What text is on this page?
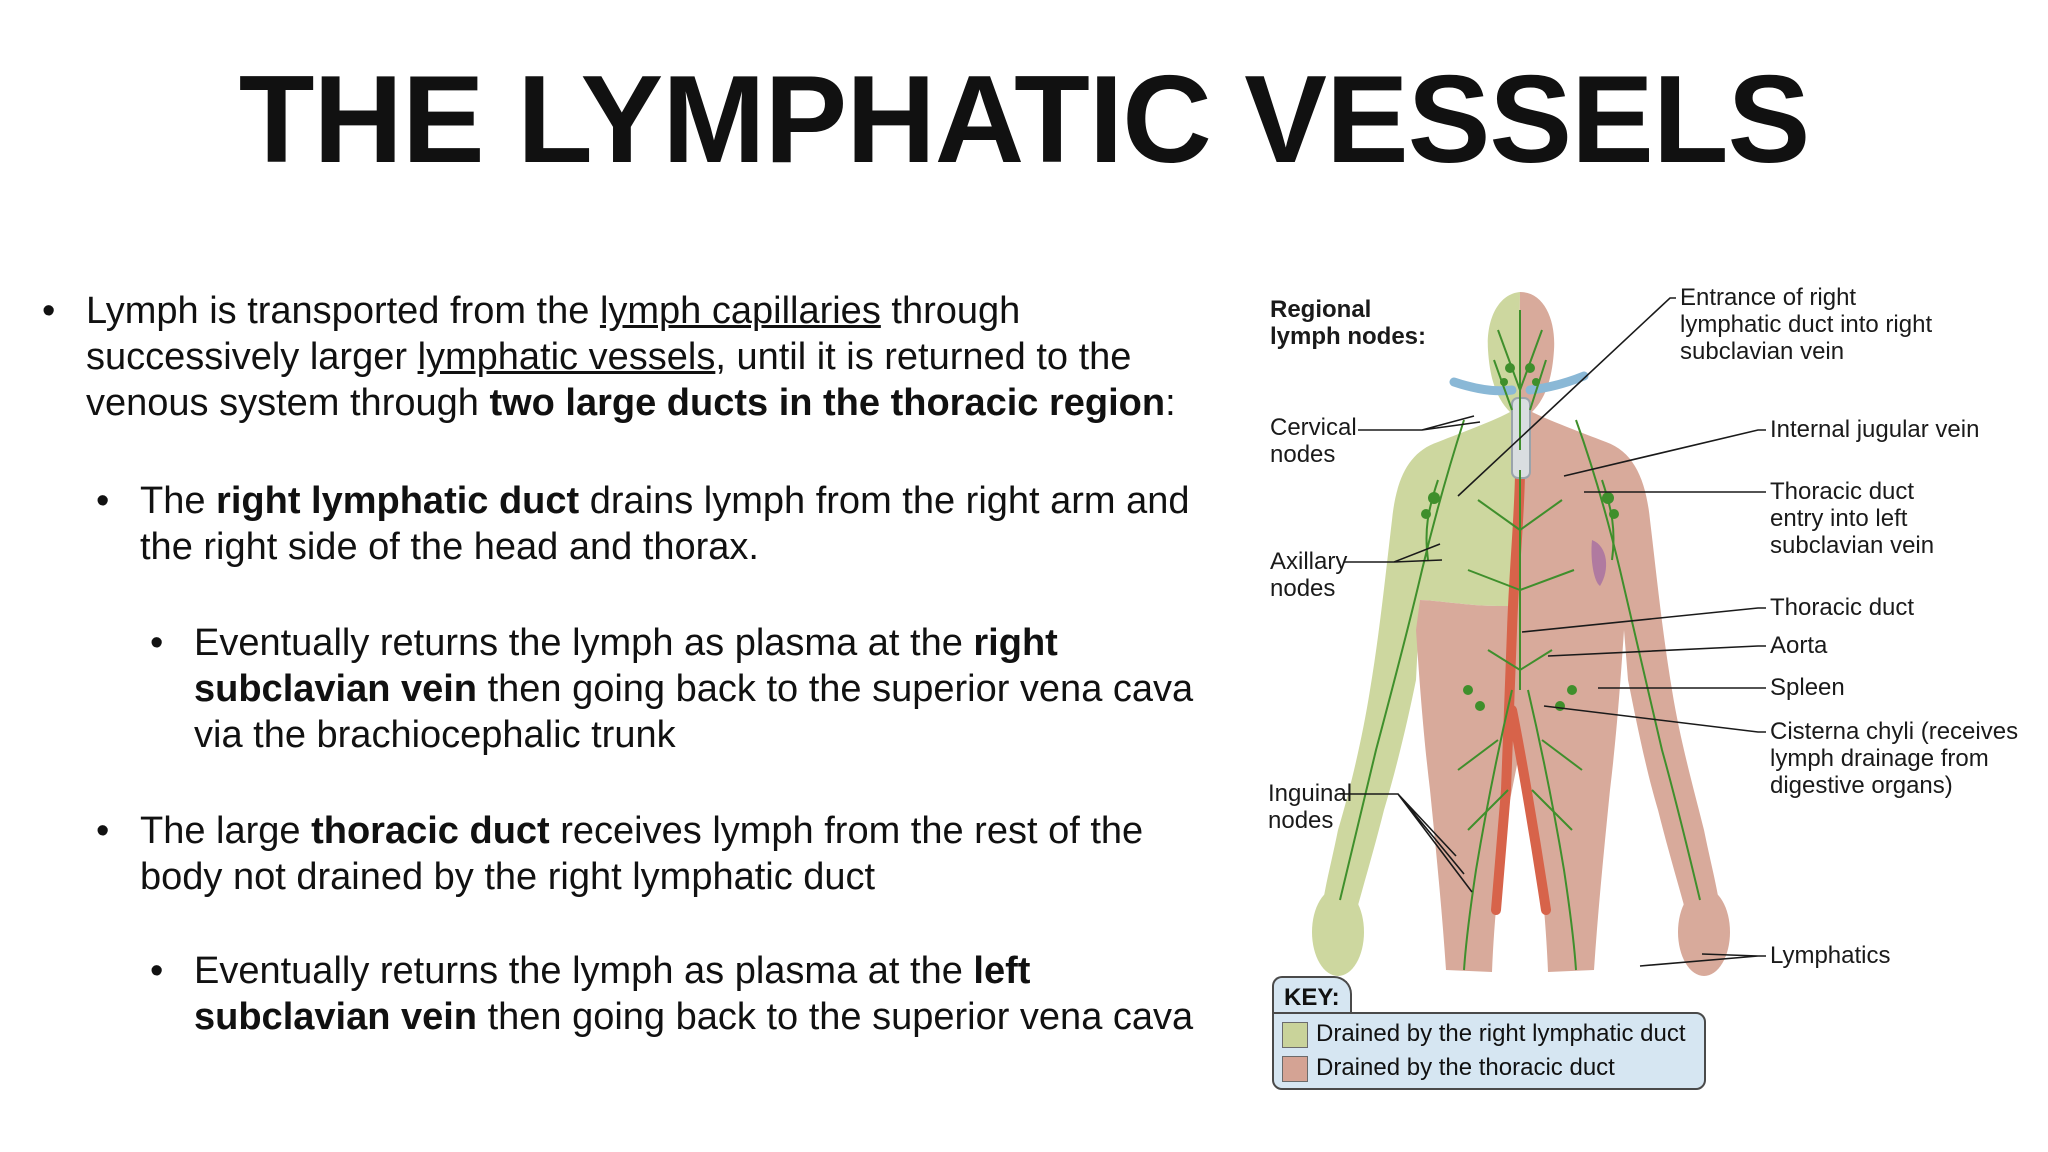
THE LYMPHATIC VESSELS
• Lymph is transported from the lymph capillaries through successively larger lymphatic vessels, until it is returned to the venous system through two large ducts in the thoracic region:
• The right lymphatic duct drains lymph from the right arm and the right side of the head and thorax.
• Eventually returns the lymph as plasma at the right subclavian vein then going back to the superior vena cava via the brachiocephalic trunk
• The large thoracic duct receives lymph from the rest of the body not drained by the right lymphatic duct
• Eventually returns the lymph as plasma at the left subclavian vein then going back to the superior vena cava
Regional
lymph nodes:
Cervical
nodes
Axillary
nodes
Inguinal
nodes
Entrance of right
lymphatic duct into right
subclavian vein
Internal jugular vein
Thoracic duct
entry into left
subclavian vein
Thoracic duct
Aorta
Spleen
Cisterna chyli (receives
lymph drainage from
digestive organs)
Lymphatics
KEY:
Drained by the right lymphatic duct
Drained by the thoracic duct
